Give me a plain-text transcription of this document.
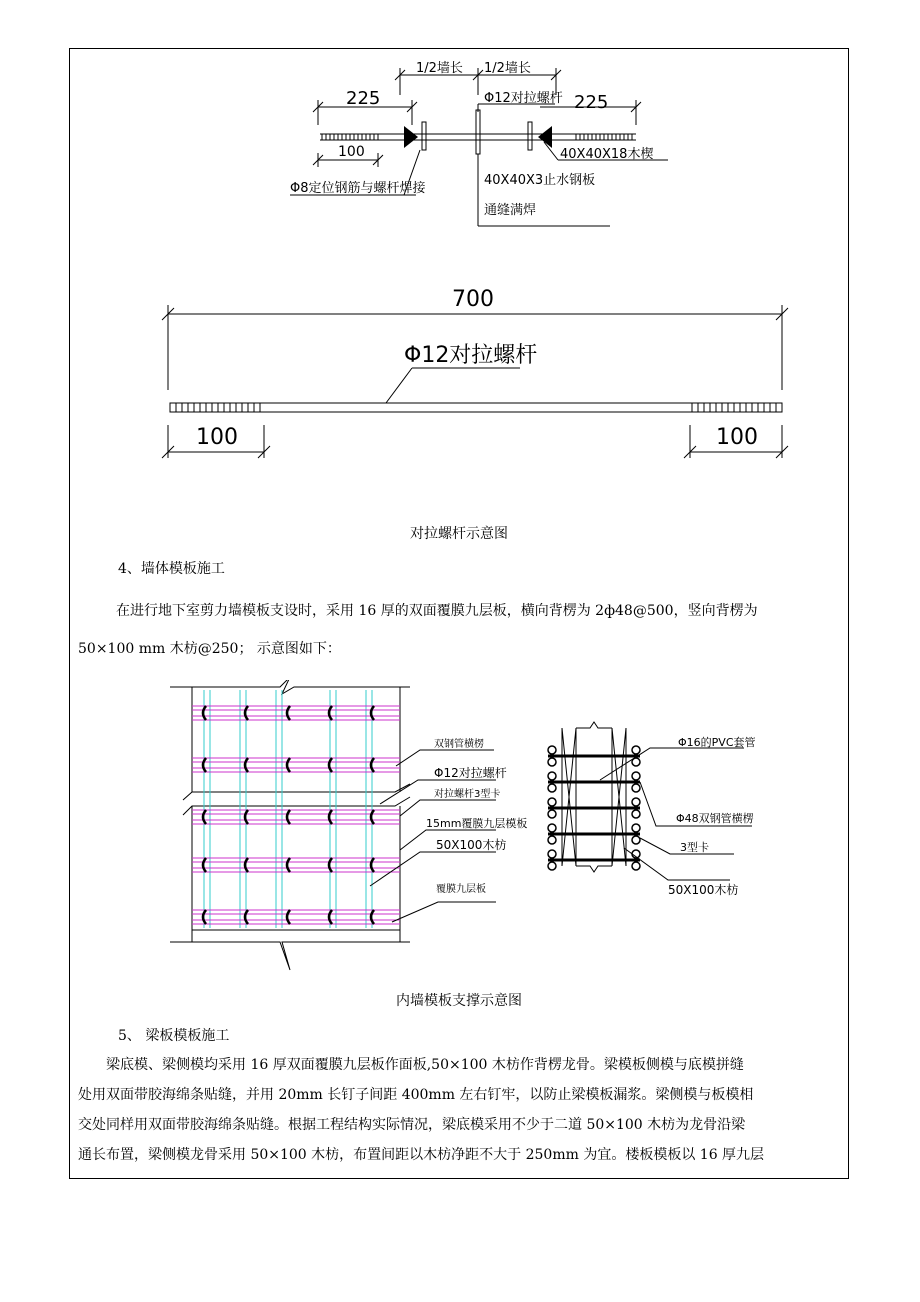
1/2墙长 1/2墙长
225	225
Φ12对拉螺杆
100	40X40X18木楔
Φ8定位钢筋与螺杆焊接
40X40X3止水钢板
通缝满焊
700
Φ12对拉螺杆
100	100
对拉螺杆示意图
4、墙体模板施工

在进行地下室剪力墙模板支设时，采用 16 厚的双面覆膜九层板，横向背楞为 2ф48@500，竖向背楞为

50×100 mm 木枋@250； 示意图如下：

双钢管横楞
Φ12对拉螺杆
对拉螺杆3型卡
15mm覆膜九层模板
50X100木枋
覆膜九层板
Φ16的PVC套管
Φ48双钢管横楞
3型卡
50X100木枋
内墙模板支撑示意图
5、 梁板模板施工

梁底模、梁侧模均采用 16 厚双面覆膜九层板作面板,50×100 木枋作背楞龙骨。梁模板侧模与底模拼缝

处用双面带胶海绵条贴缝，并用 20mm 长钉子间距 400mm 左右钉牢，以防止梁模板漏浆。梁侧模与板模相

交处同样用双面带胶海绵条贴缝。根据工程结构实际情况，梁底模采用不少于二道 50×100 木枋为龙骨沿梁

通长布置，梁侧模龙骨采用 50×100 木枋，布置间距以木枋净距不大于 250mm 为宜。楼板模板以 16 厚九层
